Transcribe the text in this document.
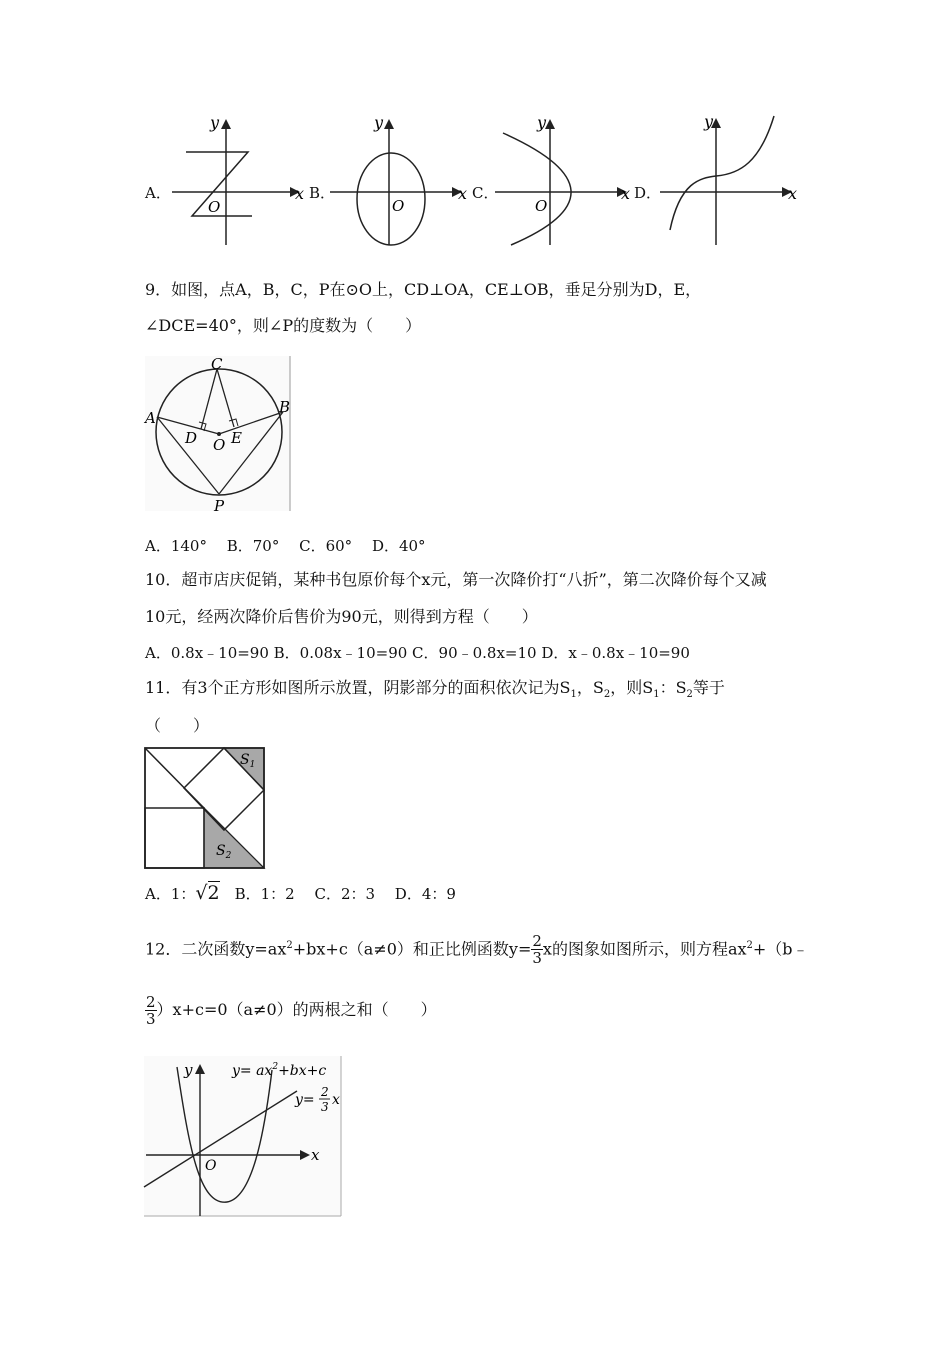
A．
y
x
O
B．
y
x
O
C．
y
x
O
D．
y
x
9．如图，点A，B，C，P在⊙O上，CD⊥OA，CE⊥OB，垂足分别为D，E，
∠DCE=40°，则∠P的度数为（　　）
C
A
B
D E
O
P
A．140°　 B．70°　 C．60°　 D．40°
10．超市店庆促销，某种书包原价每个x元，第一次降价打“八折”，第二次降价每个又减
10元，经两次降价后售价为90元，则得到方程（　　）
A．0.8x﹣10=90 B．0.08x﹣10=90 C．90﹣0.8x=10 D．x﹣0.8x﹣10=90
11．有3个正方形如图所示放置，阴影部分的面积依次记为$S_1$，$S_2$，则$S_1$：$S_2$等于
（　　）
$S_1$
$S_2$
A．1：√2　B．1：2　 C．2：3　 D．4：9
12．二次函数$y=ax^2+bx+c(a\ne 0)$和正比例函数$y= \frac{2}{3}$ x的图象如图所示，则方程$ax^2+(b﹣$
$\frac{2}{3} )x+c=0(a\ne 0)$的两根之和（　　）
y
x
O
$y= ax^2+bx+c$
y= 2
3 x
